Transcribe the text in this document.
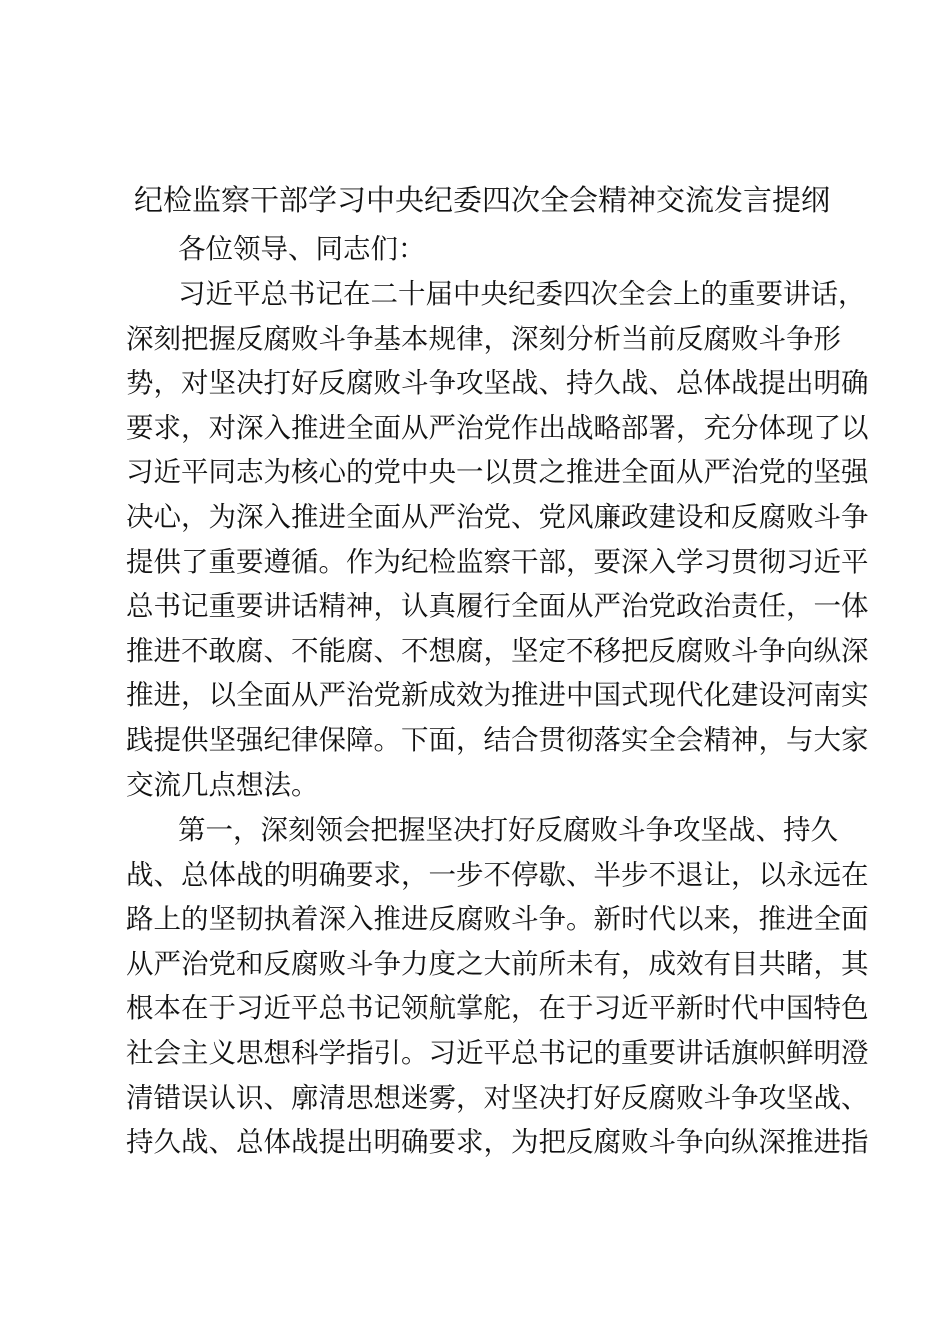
纪检监察干部学习中央纪委四次全会精神交流发言提纲

各位领导、同志们：

习近平总书记在二十届中央纪委四次全会上的重要讲话，
深刻把握反腐败斗争基本规律，深刻分析当前反腐败斗争形
势，对坚决打好反腐败斗争攻坚战、持久战、总体战提出明确
要求，对深入推进全面从严治党作出战略部署，充分体现了以
习近平同志为核心的党中央一以贯之推进全面从严治党的坚强
决心，为深入推进全面从严治党、党风廉政建设和反腐败斗争
提供了重要遵循。作为纪检监察干部，要深入学习贯彻习近平
总书记重要讲话精神，认真履行全面从严治党政治责任，一体
推进不敢腐、不能腐、不想腐，坚定不移把反腐败斗争向纵深
推进，以全面从严治党新成效为推进中国式现代化建设河南实
践提供坚强纪律保障。下面，结合贯彻落实全会精神，与大家
交流几点想法。
第一，深刻领会把握坚决打好反腐败斗争攻坚战、持久
战、总体战的明确要求，一步不停歇、半步不退让，以永远在
路上的坚韧执着深入推进反腐败斗争。新时代以来，推进全面
从严治党和反腐败斗争力度之大前所未有，成效有目共睹，其
根本在于习近平总书记领航掌舵，在于习近平新时代中国特色
社会主义思想科学指引。习近平总书记的重要讲话旗帜鲜明澄
清错误认识、廓清思想迷雾，对坚决打好反腐败斗争攻坚战、
持久战、总体战提出明确要求，为把反腐败斗争向纵深推进指
